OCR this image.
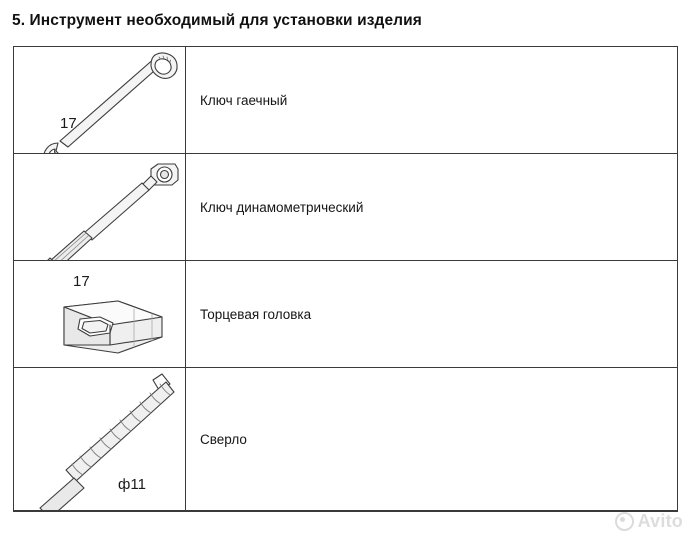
5. Инструмент необходимый для установки изделия
17
Ключ гаечный
Ключ динамометрический
17
Торцевая головка
ф11
Сверло
Avito
